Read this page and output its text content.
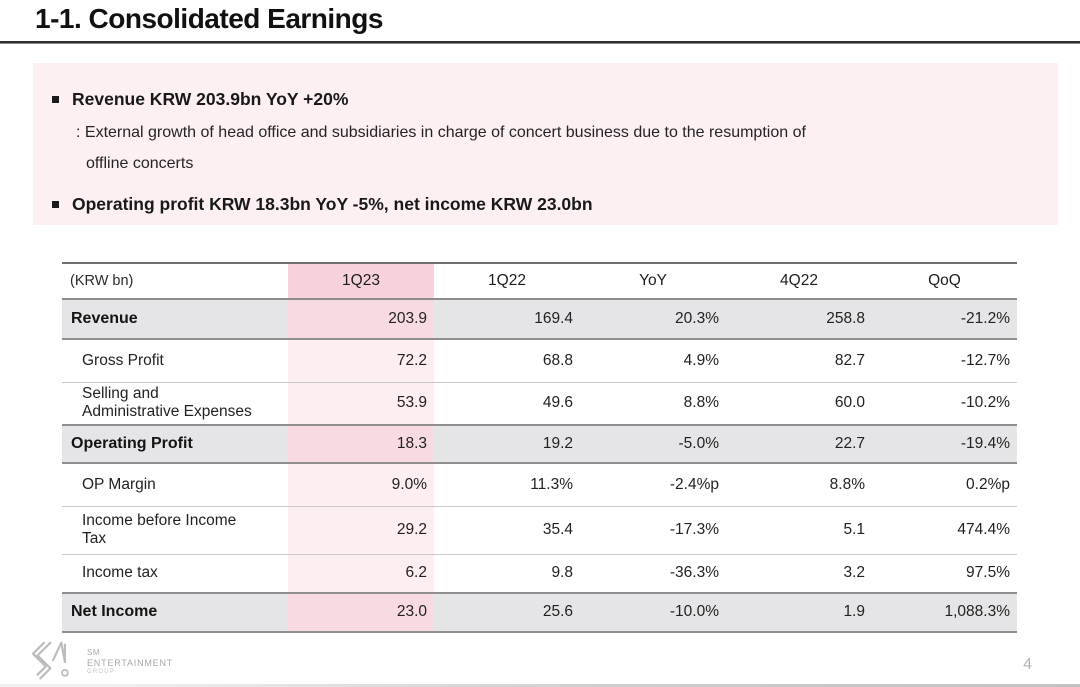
1-1. Consolidated Earnings
Revenue KRW 203.9bn YoY +20%
: External growth of head office and subsidiaries in charge of concert business due to the resumption of
offline concerts
Operating profit KRW 18.3bn YoY -5%, net income KRW 23.0bn
(KRW bn)	1Q23	1Q22	YoY	4Q22	QoQ
Revenue	203.9	169.4	20.3%	258.8	-21.2%
Gross Profit	72.2	68.8	4.9%	82.7	-12.7%
Selling and Administrative Expenses	53.9	49.6	8.8%	60.0	-10.2%
Operating Profit	18.3	19.2	-5.0%	22.7	-19.4%
OP Margin	9.0%	11.3%	-2.4%p	8.8%	0.2%p
Income before Income Tax	29.2	35.4	-17.3%	5.1	474.4%
Income tax	6.2	9.8	-36.3%	3.2	97.5%
Net Income	23.0	25.6	-10.0%	1.9	1,088.3%
SM
ENTERTAINMENT
GROUP	4
